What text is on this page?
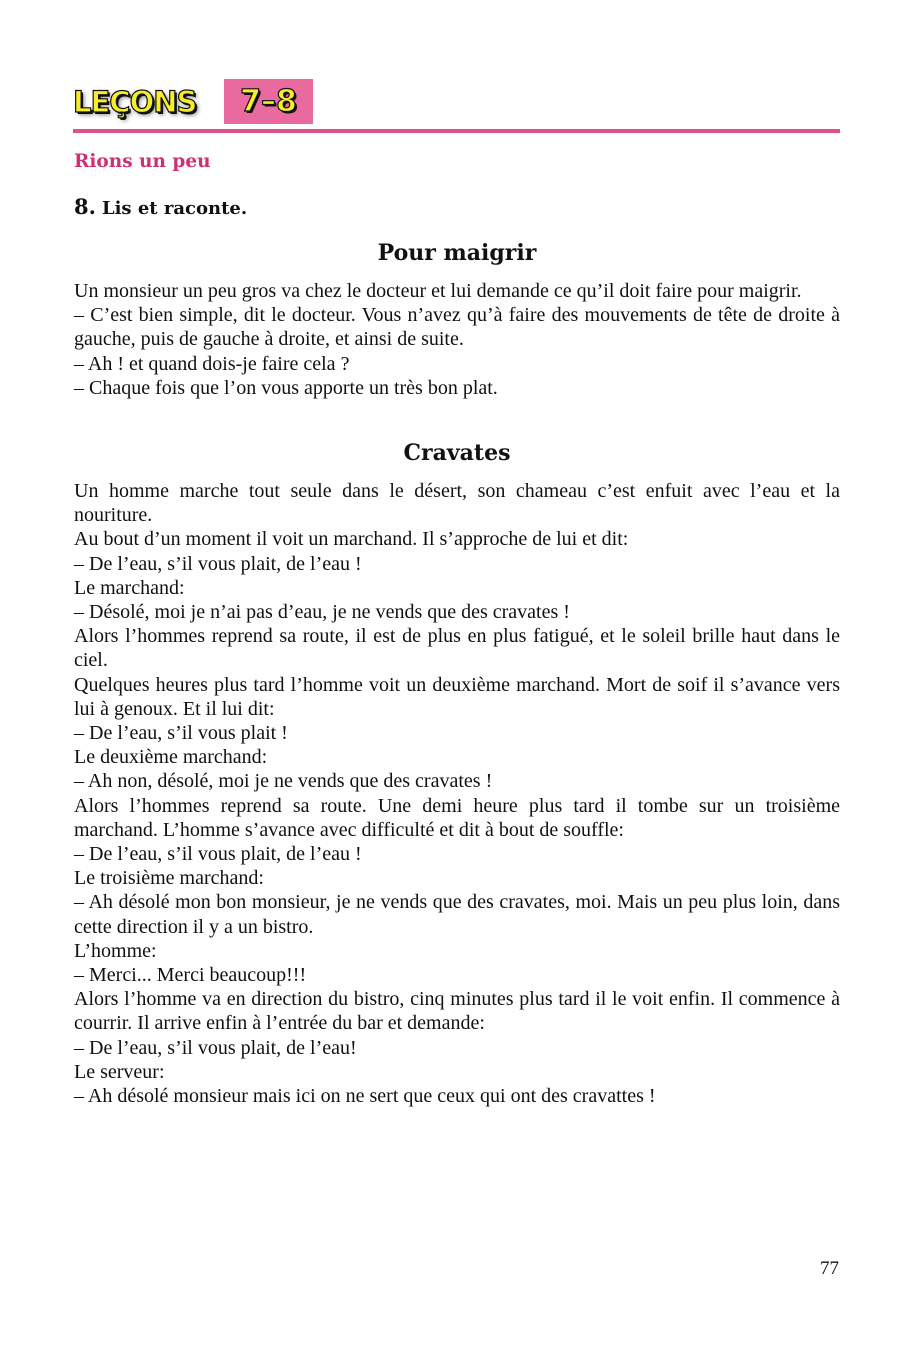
LEÇONS	7–8
Rions un peu
8. Lis et raconte.
Pour maigrir

Un monsieur un peu gros va chez le docteur et lui demande ce qu’il doit faire pour maigrir.

– C’est bien simple, dit le docteur. Vous n’avez qu’à faire des mouvements de tête de droite à gauche, puis de gauche à droite, et ainsi de suite.

– Ah ! et quand dois-je faire cela ?

– Chaque fois que l’on vous apporte un très bon plat.

Cravates

Un homme marche tout seule dans le désert, son chameau c’est enfuit avec l’eau et la nouriture.

Au bout d’un moment il voit un marchand. Il s’approche de lui et dit:

– De l’eau, s’il vous plait, de l’eau !

Le marchand:

– Désolé, moi je n’ai pas d’eau, je ne vends que des cravates !

Alors l’hommes reprend sa route, il est de plus en plus fatigué, et le soleil brille haut dans le ciel.

Quelques heures plus tard l’homme voit un deuxième marchand. Mort de soif il s’avance vers lui à genoux. Et il lui dit:

– De l’eau, s’il vous plait !

Le deuxième marchand:

– Ah non, désolé, moi je ne vends que des cravates !

Alors l’hommes reprend sa route. Une demi heure plus tard il tombe sur un troisième marchand. L’homme s’avance avec difficulté et dit à bout de souffle:

– De l’eau, s’il vous plait, de l’eau !

Le troisième marchand:

– Ah désolé mon bon monsieur, je ne vends que des cravates, moi. Mais un peu plus loin, dans cette direction il y a un bistro.

L’homme:

– Merci... Merci beaucoup!!!

Alors l’homme va en direction du bistro, cinq minutes plus tard il le voit enfin. Il commence à courrir. Il arrive enfin à l’entrée du bar et demande:

– De l’eau, s’il vous plait, de l’eau!

Le serveur:

– Ah désolé monsieur mais ici on ne sert que ceux qui ont des cravattes !

77
